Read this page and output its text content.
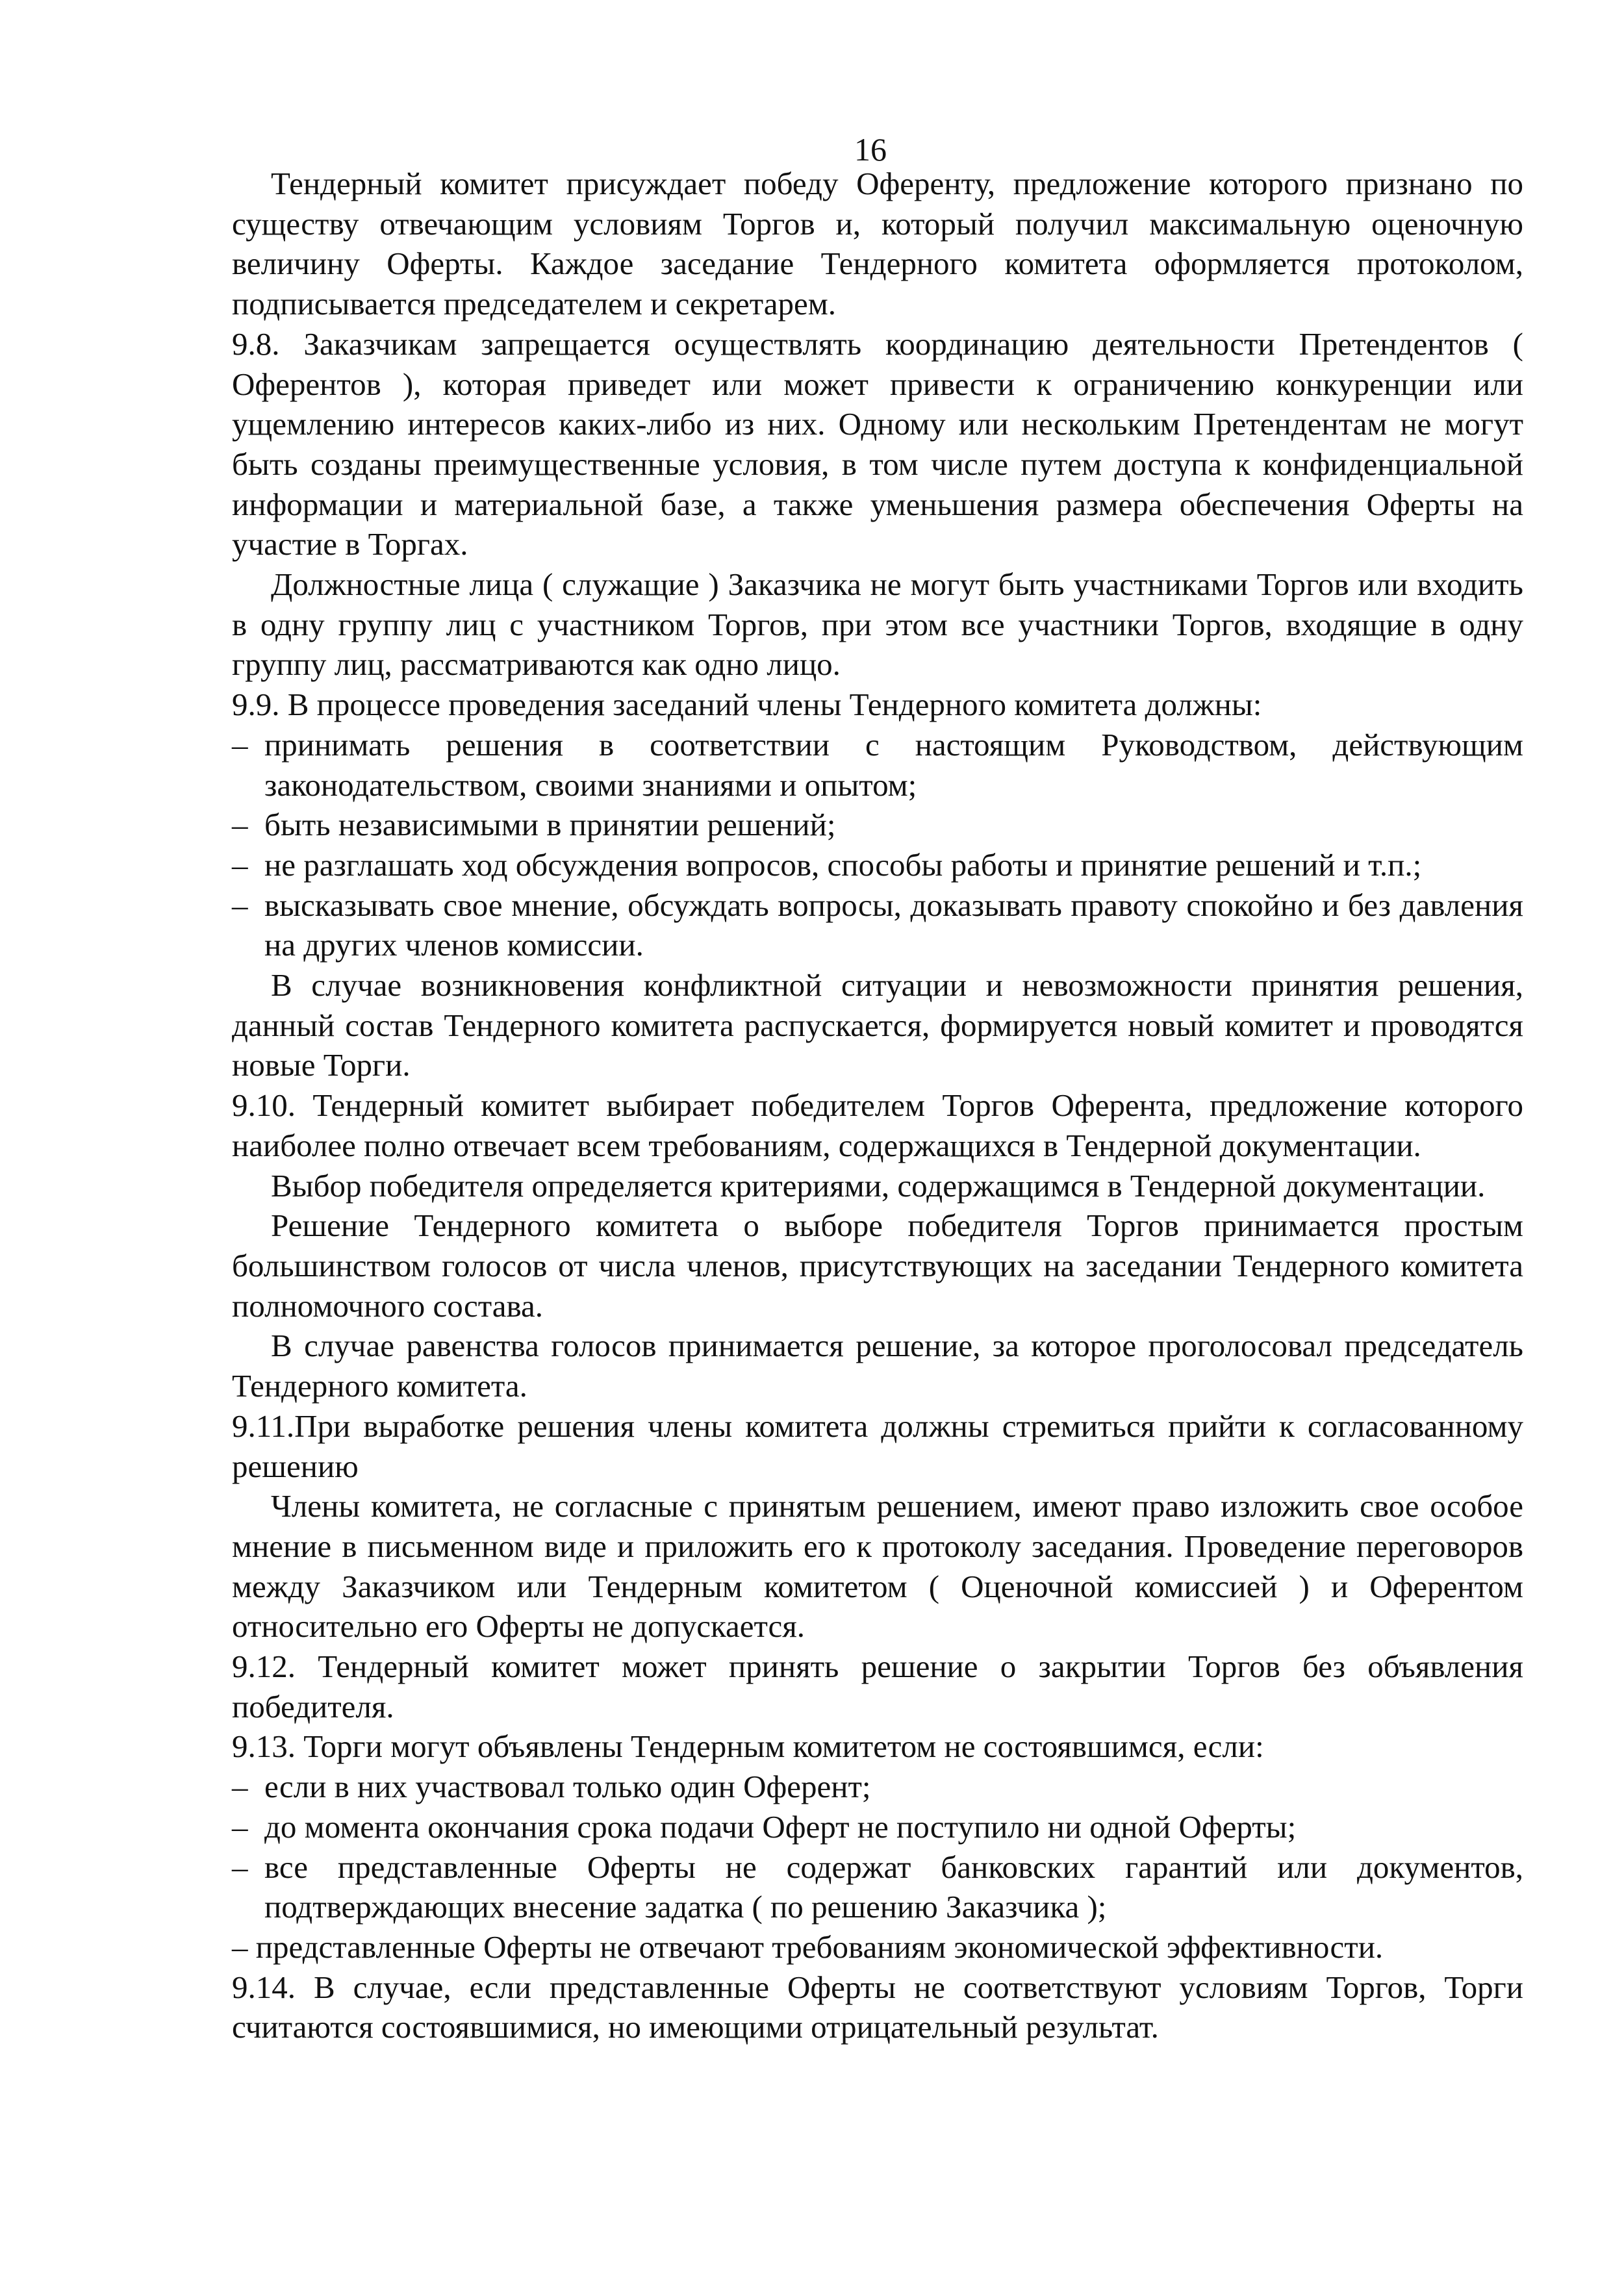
16

Тендерный комитет присуждает победу Оференту, предложение которого признано по существу отвечающим условиям Торгов и, который получил максимальную оценочную величину Оферты. Каждое заседание Тендерного комитета оформляется протоколом, подписывается председателем и секретарем.

9.8. Заказчикам запрещается осуществлять координацию деятельности Претендентов ( Оферентов ), которая приведет или может привести к ограничению конкуренции или ущемлению интересов каких-либо из них. Одному или нескольким Претендентам не могут быть созданы преимущественные условия, в том числе путем доступа к конфиденциальной информации и материальной базе, а также уменьшения размера обеспечения Оферты на участие в Торгах.

Должностные лица ( служащие ) Заказчика не могут быть участниками Торгов или входить в одну группу лиц с участником Торгов, при этом все участники Торгов, входящие в одну группу лиц, рассматриваются как одно лицо.

9.9. В процессе проведения заседаний члены Тендерного комитета должны:

– принимать решения в соответствии с настоящим Руководством, действующим законодательством, своими знаниями и опытом;
– быть независимыми в принятии решений;
– не разглашать ход обсуждения вопросов, способы работы и принятие решений и т.п.;
– высказывать свое мнение, обсуждать вопросы, доказывать правоту спокойно и без давления на других членов комиссии.

В случае возникновения конфликтной ситуации и невозможности принятия решения, данный состав Тендерного комитета распускается, формируется новый комитет и проводятся новые Торги.

9.10. Тендерный комитет выбирает победителем Торгов Оферента, предложение которого наиболее полно отвечает всем требованиям, содержащихся в Тендерной документации.

Выбор победителя определяется критериями, содержащимся в Тендерной документации.

Решение Тендерного комитета о выборе победителя Торгов принимается простым большинством голосов от числа членов, присутствующих на заседании Тендерного комитета полномочного состава.

В случае равенства голосов принимается решение, за которое проголосовал председатель Тендерного комитета.

9.11.При выработке решения члены комитета должны стремиться прийти к согласованному решению

Члены комитета, не согласные с принятым решением, имеют право изложить свое особое мнение в письменном виде и приложить его к протоколу заседания. Проведение переговоров между Заказчиком или Тендерным комитетом ( Оценочной комиссией ) и Оферентом относительно его Оферты не допускается.

9.12. Тендерный комитет может принять решение о закрытии Торгов без объявления победителя.

9.13. Торги могут объявлены Тендерным комитетом не состоявшимся, если:

– если в них участвовал только один Оферент;
– до момента окончания срока подачи Оферт не поступило ни одной Оферты;
– все представленные Оферты не содержат банковских гарантий или документов, подтверждающих внесение задатка ( по решению Заказчика );
– представленные Оферты не отвечают требованиям экономической эффективности.

9.14. В случае, если представленные Оферты не соответствуют условиям Торгов, Торги считаются состоявшимися, но имеющими отрицательный результат.
